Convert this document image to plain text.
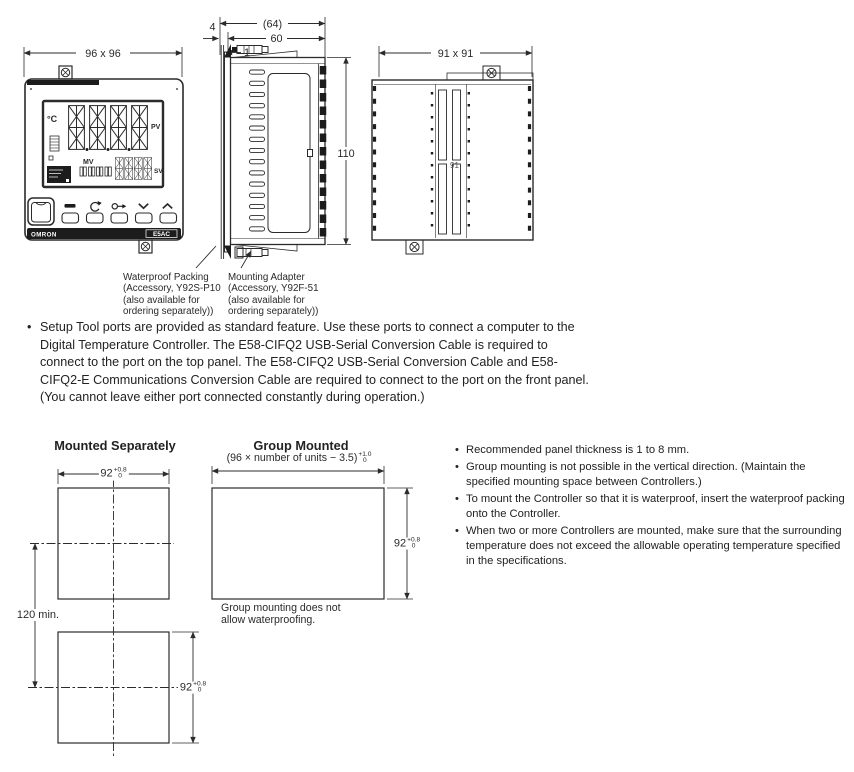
96 x 96
°C
PV
MV
SV
OMRON	E5AC
(64)
60
4
1
110
91 x 91
91
Waterproof Packing
(Accessory, Y92S-P10
(also available for
ordering separately))
Mounting Adapter
(Accessory, Y92F-51
(also available for
ordering separately))
• Setup Tool ports are provided as standard feature. Use these ports to connect a computer to the
Digital Temperature Controller. The E58-CIFQ2 USB-Serial Conversion Cable is required to
connect to the port on the top panel. The E58-CIFQ2 USB-Serial Conversion Cable and E58-
CIFQ2-E Communications Conversion Cable are required to connect to the port on the front panel.
(You cannot leave either port connected constantly during operation.)
Mounted Separately	Group Mounted
(96 × number of units − 3.5) +1.0
0
92 +0.8
0
92 +0.8
0
92 +0.8
0
120 min.
Group mounting does not
allow waterproofing.
• Recommended panel thickness is 1 to 8 mm.
• Group mounting is not possible in the vertical direction. (Maintain the specified mounting space between Controllers.)
• To mount the Controller so that it is waterproof, insert the waterproof packing onto the Controller.
• When two or more Controllers are mounted, make sure that the surrounding temperature does not exceed the allowable operating temperature specified in the specifications.
